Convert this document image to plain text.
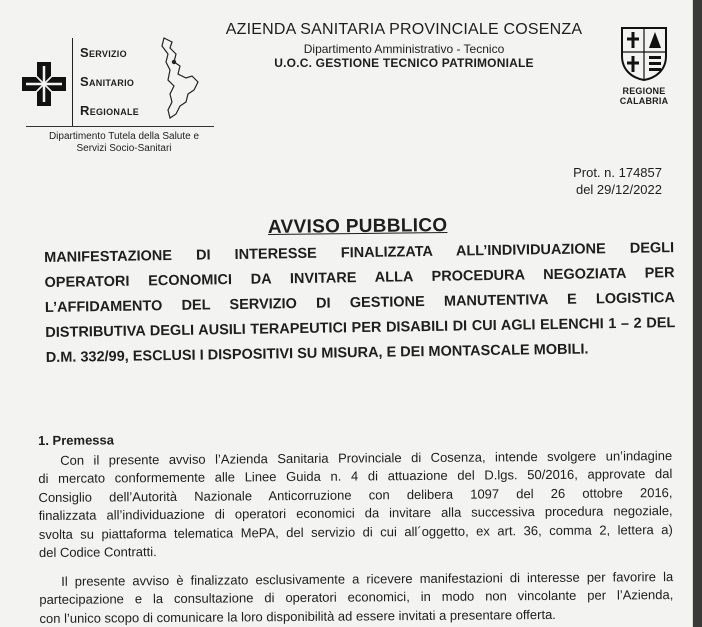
Servizio
Sanitario
Regionale
Dipartimento Tutela della Salute e
Servizi Socio-Sanitari
AZIENDA SANITARIA PROVINCIALE COSENZA
Dipartimento Amministrativo - Tecnico
U.O.C. GESTIONE TECNICO PATRIMONIALE
REGIONE CALABRIA
Prot. n. 174857
del 29/12/2022
AVVISO PUBBLICO
MANIFESTAZIONE DI INTERESSE FINALIZZATA ALL’INDIVIDUAZIONE DEGLI
OPERATORI ECONOMICI DA INVITARE ALLA PROCEDURA NEGOZIATA PER
L’AFFIDAMENTO DEL SERVIZIO DI GESTIONE MANUTENTIVA E LOGISTICA
DISTRIBUTIVA DEGLI AUSILI TERAPEUTICI PER DISABILI DI CUI AGLI ELENCHI 1 – 2 DEL
D.M. 332/99, ESCLUSI I DISPOSITIVI SU MISURA, E DEI MONTASCALE MOBILI.
1. Premessa
Con il presente avviso l’Azienda Sanitaria Provinciale di Cosenza, intende svolgere un’indagine
di mercato conformemente alle Linee Guida n. 4 di attuazione del D.lgs. 50/2016, approvate dal
Consiglio dell’Autorità Nazionale Anticorruzione con delibera 1097 del 26 ottobre 2016,
finalizzata all’individuazione di operatori economici da invitare alla successiva procedura negoziale,
svolta su piattaforma telematica MePA, del servizio di cui all´oggetto, ex art. 36, comma 2, lettera a)
del Codice Contratti.
Il presente avviso è finalizzato esclusivamente a ricevere manifestazioni di interesse per favorire la
partecipazione e la consultazione di operatori economici, in modo non vincolante per l’Azienda,
con l’unico scopo di comunicare la loro disponibilità ad essere invitati a presentare offerta.
